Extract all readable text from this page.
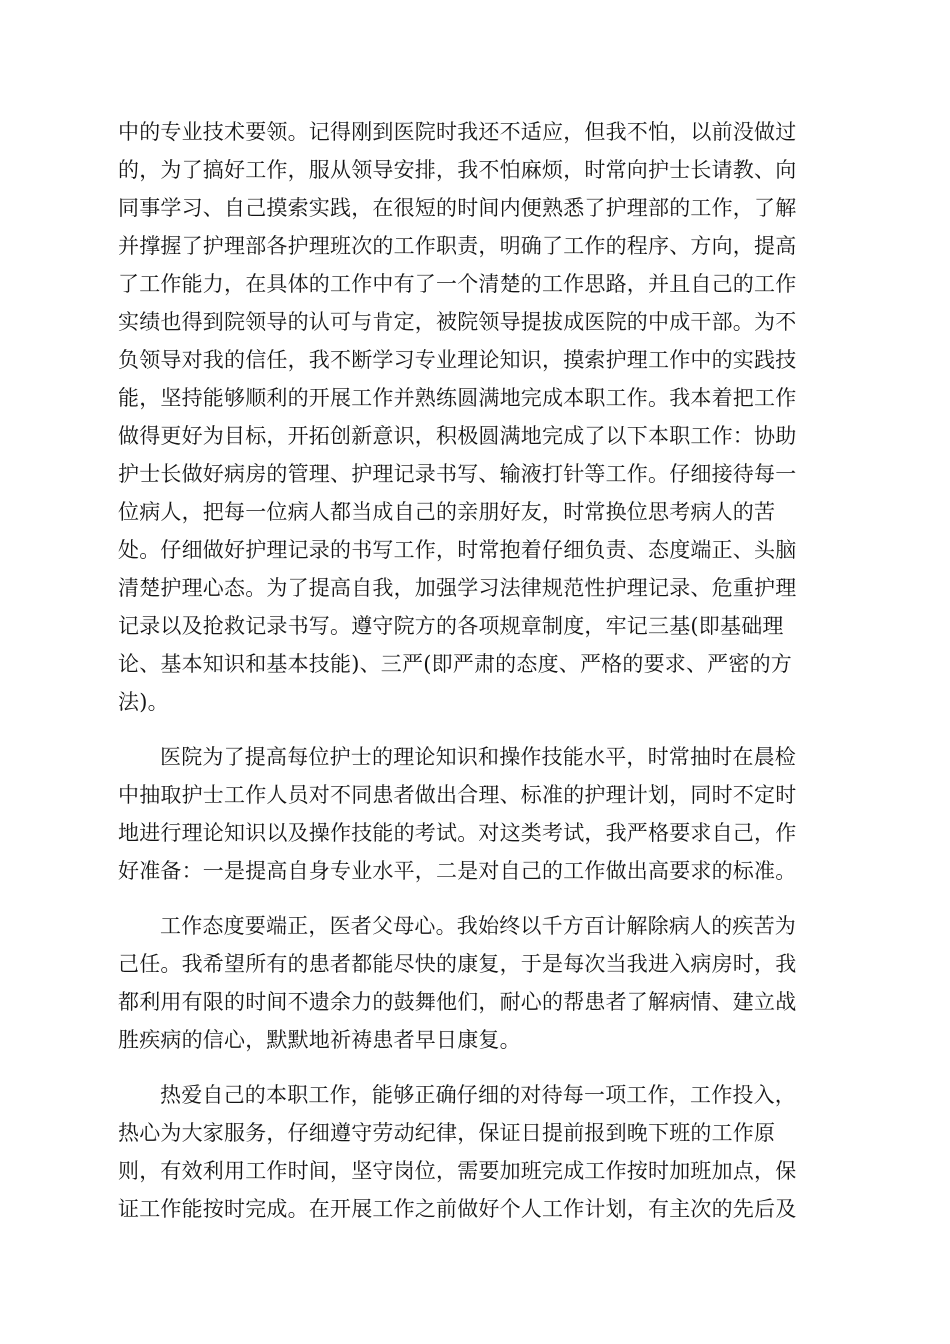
中的专业技术要领。记得刚到医院时我还不适应，但我不怕，以前没做过
的，为了搞好工作，服从领导安排，我不怕麻烦，时常向护士长请教、向
同事学习、自己摸索实践，在很短的时间内便熟悉了护理部的工作，了解
并撑握了护理部各护理班次的工作职责，明确了工作的程序、方向，提高
了工作能力，在具体的工作中有了一个清楚的工作思路，并且自己的工作
实绩也得到院领导的认可与肯定，被院领导提拔成医院的中成干部。为不
负领导对我的信任，我不断学习专业理论知识，摸索护理工作中的实践技
能，坚持能够顺利的开展工作并熟练圆满地完成本职工作。我本着把工作
做得更好为目标，开拓创新意识，积极圆满地完成了以下本职工作：协助
护士长做好病房的管理、护理记录书写、输液打针等工作。仔细接待每一
位病人，把每一位病人都当成自己的亲朋好友，时常换位思考病人的苦
处。仔细做好护理记录的书写工作，时常抱着仔细负责、态度端正、头脑
清楚护理心态。为了提高自我，加强学习法律规范性护理记录、危重护理
记录以及抢救记录书写。遵守院方的各项规章制度，牢记三基(即基础理
论、基本知识和基本技能)、三严(即严肃的态度、严格的要求、严密的方
法)。
医院为了提高每位护士的理论知识和操作技能水平，时常抽时在晨检
中抽取护士工作人员对不同患者做出合理、标准的护理计划，同时不定时
地进行理论知识以及操作技能的考试。对这类考试，我严格要求自己，作
好准备：一是提高自身专业水平，二是对自己的工作做出高要求的标准。
工作态度要端正，医者父母心。我始终以千方百计解除病人的疾苦为
己任。我希望所有的患者都能尽快的康复，于是每次当我进入病房时，我
都利用有限的时间不遗余力的鼓舞他们，耐心的帮患者了解病情、建立战
胜疾病的信心，默默地祈祷患者早日康复。
热爱自己的本职工作，能够正确仔细的对待每一项工作，工作投入，
热心为大家服务，仔细遵守劳动纪律，保证日提前报到晚下班的工作原
则，有效利用工作时间，坚守岗位，需要加班完成工作按时加班加点，保
证工作能按时完成。在开展工作之前做好个人工作计划，有主次的先后及
